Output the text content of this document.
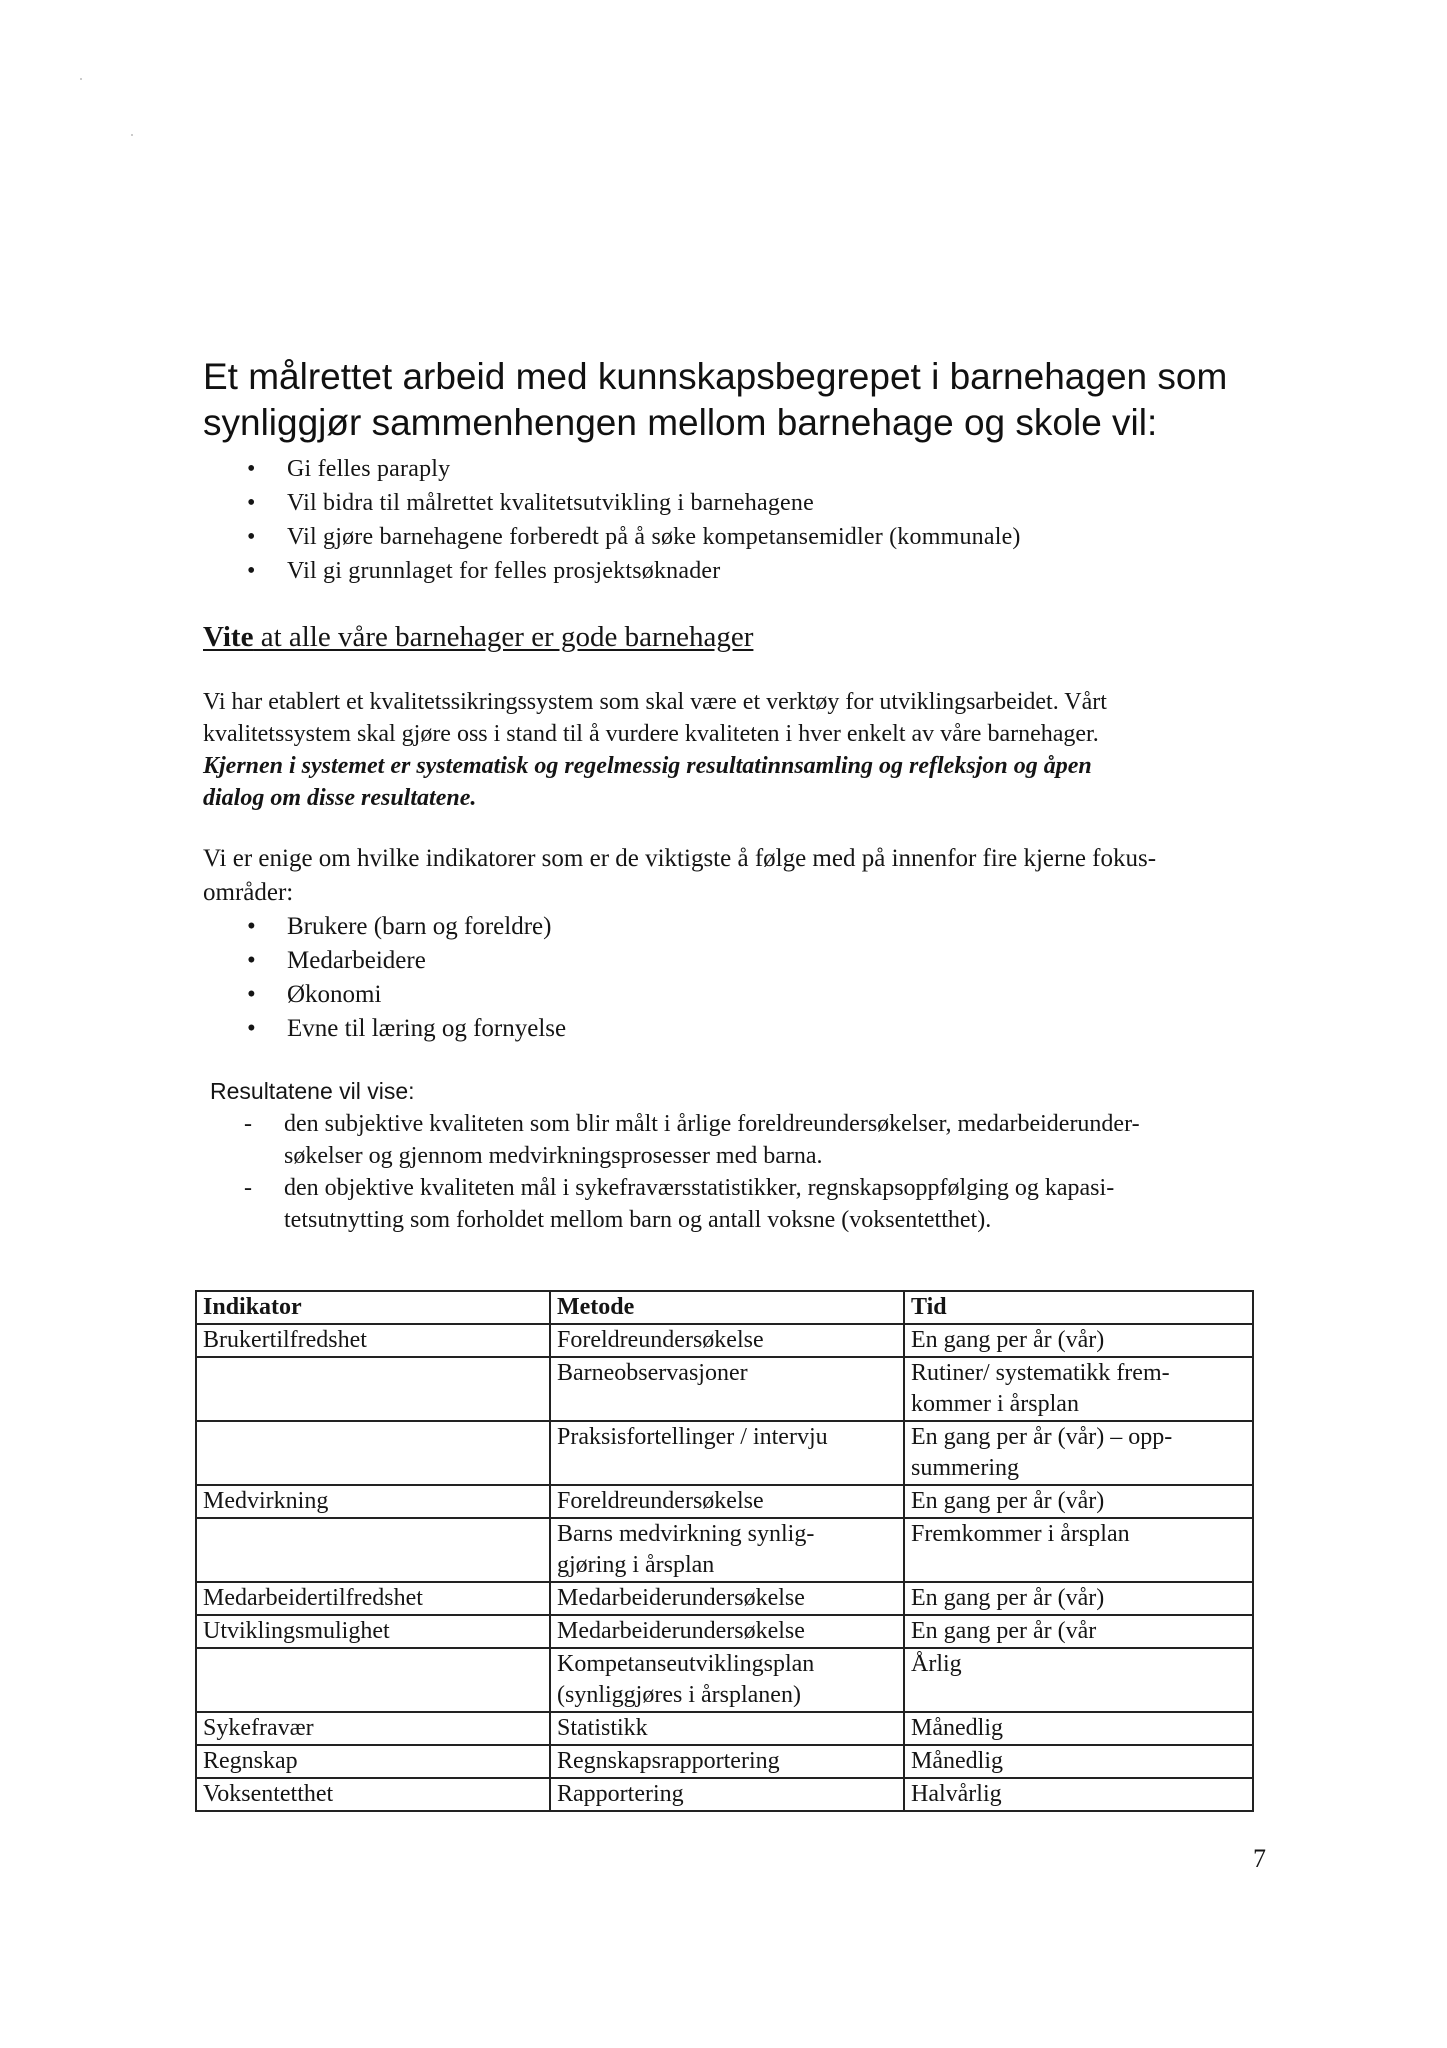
Et målrettet arbeid med kunnskapsbegrepet i barnehagen som
synliggjør sammenhengen mellom barnehage og skole vil:
• Gi felles paraply
• Vil bidra til målrettet kvalitetsutvikling i barnehagene
• Vil gjøre barnehagene forberedt på å søke kompetansemidler (kommunale)
• Vil gi grunnlaget for felles prosjektsøknader
Vite at alle våre barnehager er gode barnehager
Vi har etablert et kvalitetssikringssystem som skal være et verktøy for utviklingsarbeidet. Vårt
kvalitetssystem skal gjøre oss i stand til å vurdere kvaliteten i hver enkelt av våre barnehager.
Kjernen i systemet er systematisk og regelmessig resultatinnsamling og refleksjon og åpen
dialog om disse resultatene.
Vi er enige om hvilke indikatorer som er de viktigste å følge med på innenfor fire kjerne fokus-
områder:
• Brukere (barn og foreldre)
• Medarbeidere
• Økonomi
• Evne til læring og fornyelse
Resultatene vil vise:
- den subjektive kvaliteten som blir målt i årlige foreldreundersøkelser, medarbeiderunder-
søkelser og gjennom medvirkningsprosesser med barna.
- den objektive kvaliteten mål i sykefraværsstatistikker, regnskapsoppfølging og kapasi-
tetsutnytting som forholdet mellom barn og antall voksne (voksentetthet).
Indikator	Metode	Tid

Brukertilfredshet	Foreldreundersøkelse	En gang per år (vår)

	Barneobservasjoner	Rutiner/ systematikk frem-
kommer i årsplan

	Praksisfortellinger / intervju	En gang per år (vår) – opp-
summering

Medvirkning	Foreldreundersøkelse	En gang per år (vår)

	Barns medvirkning synlig-
gjøring i årsplan	Fremkommer i årsplan

Medarbeidertilfredshet	Medarbeiderundersøkelse	En gang per år (vår)

Utviklingsmulighet	Medarbeiderundersøkelse	En gang per år (vår

	Kompetanseutviklingsplan
(synliggjøres i årsplanen)	Årlig

Sykefravær	Statistikk	Månedlig

Regnskap	Regnskapsrapportering	Månedlig

Voksentetthet	Rapportering	Halvårlig
7
